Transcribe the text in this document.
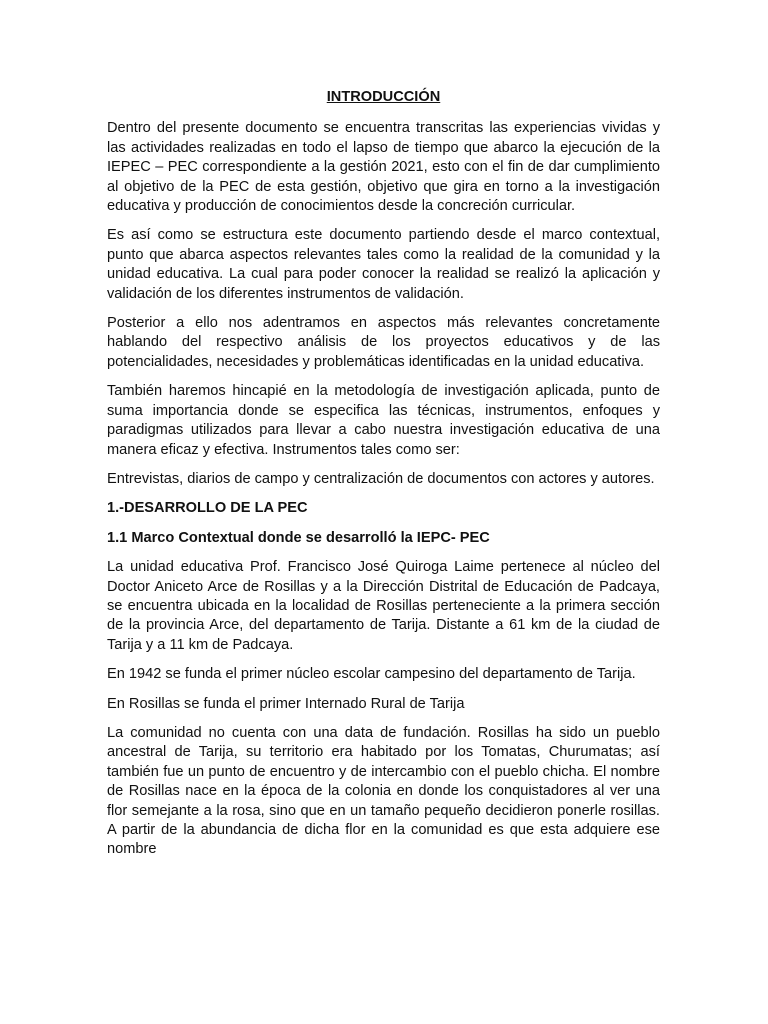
INTRODUCCIÓN

Dentro del presente documento se encuentra transcritas las experiencias vividas y las actividades realizadas en todo el lapso de tiempo que abarco la ejecución de la IEPEC – PEC correspondiente a la gestión 2021, esto con el fin de dar cumplimiento al objetivo de la PEC de esta gestión, objetivo que gira en torno a la investigación educativa y producción de conocimientos desde la concreción curricular.

Es así como se estructura este documento partiendo desde el marco contextual, punto que abarca aspectos relevantes tales como la realidad de la comunidad y la unidad educativa. La cual para poder conocer la realidad se realizó la aplicación y validación de los diferentes instrumentos de validación.

Posterior a ello nos adentramos en aspectos más relevantes concretamente hablando del respectivo análisis de los proyectos educativos y de las potencialidades, necesidades y problemáticas identificadas en la unidad educativa.

También haremos hincapié en la metodología de investigación aplicada, punto de suma importancia donde se especifica las técnicas, instrumentos, enfoques y paradigmas utilizados para llevar a cabo nuestra investigación educativa de una manera eficaz y efectiva. Instrumentos tales como ser:

Entrevistas, diarios de campo y centralización de documentos con actores y autores.

1.-DESARROLLO DE LA PEC

1.1 Marco Contextual donde se desarrolló la IEPC- PEC

La unidad educativa Prof. Francisco José Quiroga Laime pertenece al núcleo del Doctor Aniceto Arce de Rosillas y a la Dirección Distrital de Educación de Padcaya, se encuentra ubicada en la localidad de Rosillas perteneciente a la primera sección de la provincia Arce, del departamento de Tarija. Distante a 61 km de la ciudad de Tarija y a 11 km de Padcaya.

En 1942 se funda el primer núcleo escolar campesino del departamento de Tarija.

En Rosillas se funda el primer Internado Rural de Tarija

La comunidad no cuenta con una data de fundación. Rosillas ha sido un pueblo ancestral de Tarija, su territorio era habitado por los Tomatas, Churumatas; así también fue un punto de encuentro y de intercambio con el pueblo chicha. El nombre de Rosillas nace en la época de la colonia en donde los conquistadores al ver una flor semejante a la rosa, sino que en un tamaño pequeño decidieron ponerle rosillas. A partir de la abundancia de dicha flor en la comunidad es que esta adquiere ese nombre
